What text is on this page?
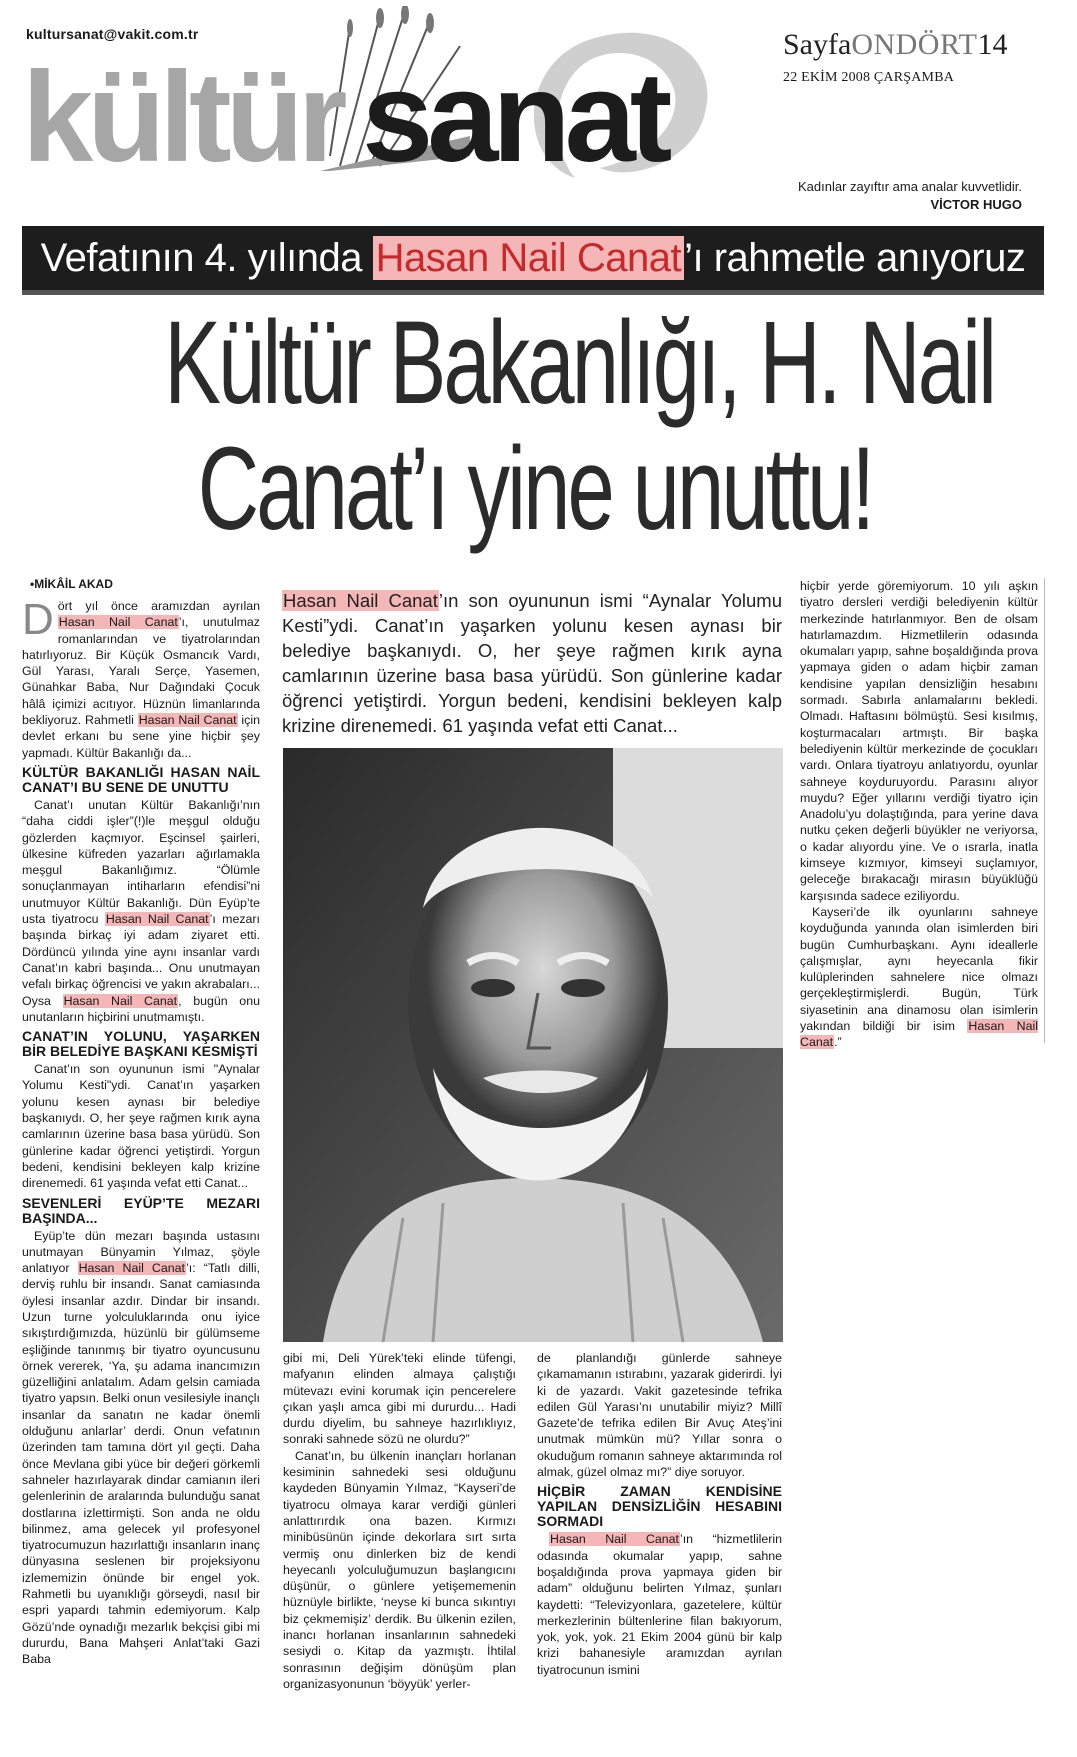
kultursanat@vakit.com.tr
kültür sanat
SayfaONDÖRT14
22 EKİM 2008 ÇARŞAMBA
Kadınlar zayıftır ama analar kuvvetlidir.
VİCTOR HUGO
Vefatının 4. yılında Hasan Nail Canat’ı rahmetle anıyoruz
Kültür Bakanlığı, H. Nail
Canat’ı yine unuttu!
•MİKÂİL AKAD

Dört yıl önce aramızdan ayrılan Hasan Nail Canat’ı, unutulmaz romanlarından ve tiyatrolarından hatırlıyoruz. Bir Küçük Osmancık Vardı, Gül Yarası, Yaralı Serçe, Yasemen, Günahkar Baba, Nur Dağındaki Çocuk hâlâ içimizi acıtıyor. Hüznün limanlarında bekliyoruz. Rahmetli Hasan Nail Canat için devlet erkanı bu sene yine hiçbir şey yapmadı. Kültür Bakanlığı da...

KÜLTÜR BAKANLIĞI HASAN NAİL CANAT’I BU SENE DE UNUTTU

Canat’ı unutan Kültür Bakanlığı’nın “daha ciddi işler”(!)le meşgul olduğu gözlerden kaçmıyor. Eşcinsel şairleri, ülkesine küfreden yazarları ağırlamakla meşgul Bakanlığımız. “Ölümle sonuçlanmayan intiharların efendisi”ni unutmuyor Kültür Bakanlığı. Dün Eyüp’te usta tiyatrocu Hasan Nail Canat’ı mezarı başında birkaç iyi adam ziyaret etti. Dördüncü yılında yine aynı insanlar vardı Canat’ın kabri başında... Onu unutmayan vefalı birkaç öğrencisi ve yakın akrabaları... Oysa Hasan Nail Canat, bugün onu unutanların hiçbirini unutmamıştı.

CANAT’IN YOLUNU, YAŞARKEN BİR BELEDİYE BAŞKANI KESMİŞTİ

Canat’ın son oyununun ismi "Aynalar Yolumu Kesti"ydi. Canat’ın yaşarken yolunu kesen aynası bir belediye başkanıydı. O, her şeye rağmen kırık ayna camlarının üzerine basa basa yürüdü. Son günlerine kadar öğrenci yetiştirdi. Yorgun bedeni, kendisini bekleyen kalp krizine direnemedi. 61 yaşında vefat etti Canat...

SEVENLERİ EYÜP’TE MEZARI BAŞINDA...

Eyüp’te dün mezarı başında ustasını unutmayan Bünyamin Yılmaz, şöyle anlatıyor Hasan Nail Canat’ı: “Tatlı dilli, derviş ruhlu bir insandı. Sanat camiasında öylesi insanlar azdır. Dindar bir insandı. Uzun turne yolculuklarında onu iyice sıkıştırdığımızda, hüzünlü bir gülümseme eşliğinde tanınmış bir tiyatro oyuncusunu örnek vererek, ‘Ya, şu adama inancımızın güzelliğini anlatalım. Adam gelsin camiada tiyatro yapsın. Belki onun vesilesiyle inançlı insanlar da sanatın ne kadar önemli olduğunu anlarlar’ derdi. Onun vefatının üzerinden tam tamına dört yıl geçti. Daha önce Mevlana gibi yüce bir değeri görkemli sahneler hazırlayarak dindar camianın ileri gelenlerinin de aralarında bulunduğu sanat dostlarına izlettirmişti. Son anda ne oldu bilinmez, ama gelecek yıl profesyonel tiyatrocumuzun hazırlattığı insanların inanç dünyasına seslenen bir projeksiyonu izlememizin önünde bir engel yok. Rahmetli bu uyanıklığı görseydi, nasıl bir espri yapardı tahmin edemiyorum. Kalp Gözü’nde oynadığı mezarlık bekçisi gibi mi dururdu, Bana Mahşeri Anlat’taki Gazi Baba

Hasan Nail Canat’ın son oyununun ismi “Aynalar Yolumu Kesti”ydi. Canat’ın yaşarken yolunu kesen aynası bir belediye başkanıydı. O, her şeye rağmen kırık ayna camlarının üzerine basa basa yürüdü. Son günlerine kadar öğrenci yetiştirdi. Yorgun bedeni, kendisini bekleyen kalp krizine direnemedi. 61 yaşında vefat etti Canat...

hiçbir yerde göremiyorum. 10 yılı aşkın tiyatro dersleri verdiği belediyenin kültür merkezinde hatırlanmıyor. Ben de olsam hatırlamazdım. Hizmetlilerin odasında okumaları yapıp, sahne boşaldığında prova yapmaya giden o adam hiçbir zaman kendisine yapılan densizliğin hesabını sormadı. Sabırla anlamalarını bekledi. Olmadı. Haftasını bölmüştü. Sesi kısılmış, koşturmacaları artmıştı. Bir başka belediyenin kültür merkezinde de çocukları vardı. Onlara tiyatroyu anlatıyordu, oyunlar sahneye koyduruyordu. Parasını alıyor muydu? Eğer yıllarını verdiği tiyatro için Anadolu’yu dolaştığında, para yerine dava nutku çeken değerli büyükler ne veriyorsa, o kadar alıyordu yine. Ve o ısrarla, inatla kimseye kızmıyor, kimseyi suçlamıyor, geleceğe bırakacağı mirasın büyüklüğü karşısında sadece eziliyordu.

Kayseri’de ilk oyunlarını sahneye koyduğunda yanında olan isimlerden biri bugün Cumhurbaşkanı. Aynı ideallerle çalışmışlar, aynı heyecanla fikir kulüplerinden sahnelere nice olmazı gerçekleştirmişlerdi. Bugün, Türk siyasetinin ana dinamosu olan isimlerin yakından bildiği bir isim Hasan Nail Canat.”

gibi mi, Deli Yürek’teki elinde tüfengi, mafyanın elinden almaya çalıştığı mütevazı evini korumak için pencerelere çıkan yaşlı amca gibi mi dururdu... Hadi durdu diyelim, bu sahneye hazırlıklıyız, sonraki sahnede sözü ne olurdu?”

Canat’ın, bu ülkenin inançları horlanan kesiminin sahnedeki sesi olduğunu kaydeden Bünyamin Yılmaz, “Kayseri’de tiyatrocu olmaya karar verdiği günleri anlattırırdık ona bazen. Kırmızı minibüsünün içinde dekorlara sırt sırta vermiş onu dinlerken biz de kendi heyecanlı yolculuğumuzun başlangıcını düşünür, o günlere yetişememenin hüznüyle birlikte, ‘neyse ki bunca sıkıntıyı biz çekmemişiz’ derdik. Bu ülkenin ezilen, inancı horlanan insanlarının sahnedeki sesiydi o. Kitap da yazmıştı. İhtilal sonrasının değişim dönüşüm plan organizasyonunun ‘böyyük’ yerler-

de planlandığı günlerde sahneye çıkamamanın ıstırabını, yazarak giderirdi. İyi ki de yazardı. Vakit gazetesinde tefrika edilen Gül Yarası’nı unutabilir miyiz? Millî Gazete’de tefrika edilen Bir Avuç Ateş’ini unutmak mümkün mü? Yıllar sonra o okuduğum romanın sahneye aktarımında rol almak, güzel olmaz mı?” diye soruyor.

HİÇBİR ZAMAN KENDİSİNE YAPILAN DENSİZLİĞİN HESABINI SORMADI

Hasan Nail Canat’ın “hizmetlilerin odasında okumalar yapıp, sahne boşaldığında prova yapmaya giden bir adam” olduğunu belirten Yılmaz, şunları kaydetti: “Televizyonlara, gazetelere, kültür merkezlerinin bültenlerine filan bakıyorum, yok, yok, yok. 21 Ekim 2004 günü bir kalp krizi bahanesiyle aramızdan ayrılan tiyatrocunun ismini
